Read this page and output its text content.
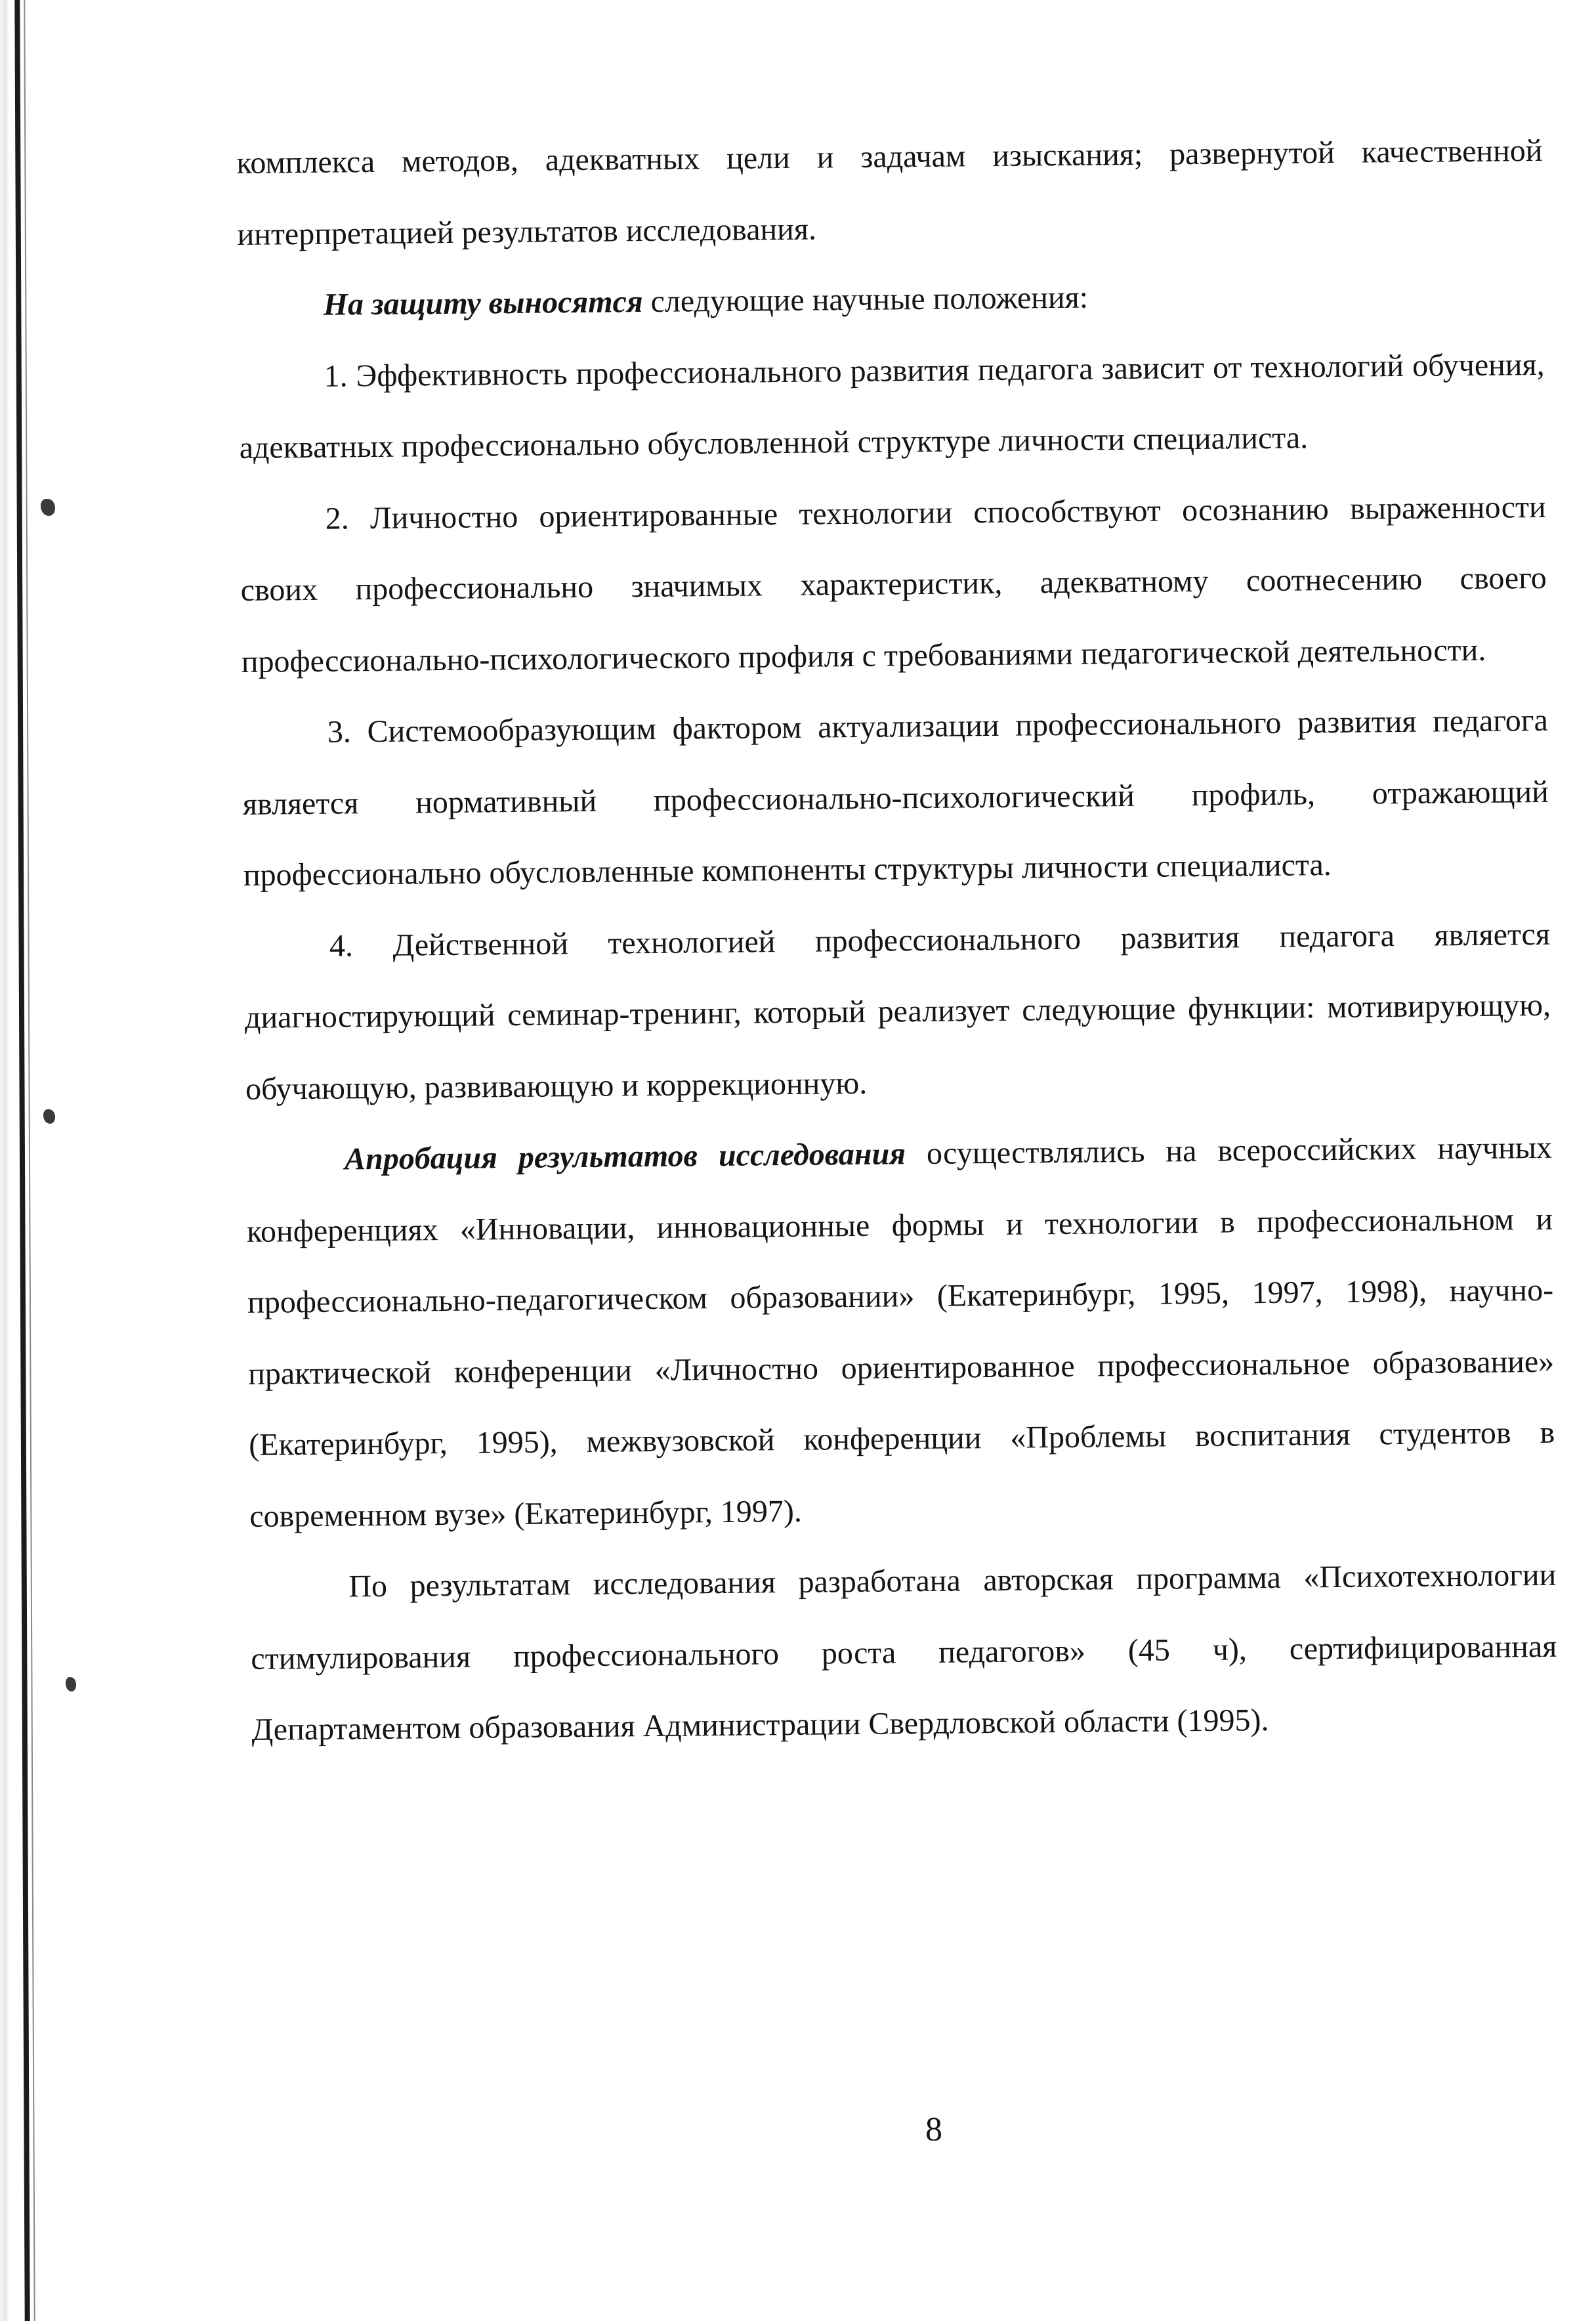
комплекса методов, адекватных цели и задачам изыскания; развернутой качественной интерпретацией результатов исследования.

На защиту выносятся следующие научные положения:

1. Эффективность профессионального развития педагога зависит от технологий обучения, адекватных профессионально обусловленной структуре личности специалиста.

2. Личностно ориентированные технологии способствуют осознанию выраженности своих профессионально значимых характеристик, адекватному соотнесению своего профессионально-психологического профиля с требованиями педагогической деятельности.

3. Системообразующим фактором актуализации профессионального развития педагога является нормативный профессионально-психологический профиль, отражающий профессионально обусловленные компоненты структуры личности специалиста.

4. Действенной технологией профессионального развития педагога является диагностирующий семинар-тренинг, который реализует следующие функции: мотивирующую, обучающую, развивающую и коррекционную.

Апробация результатов исследования осуществлялись на всероссийских научных конференциях «Инновации, инновационные формы и технологии в профессиональном и профессионально-педагогическом образовании» (Екатеринбург, 1995, 1997, 1998), научно-практической конференции «Личностно ориентированное профессиональное образование» (Екатеринбург, 1995), межвузовской конференции «Проблемы воспитания студентов в современном вузе» (Екатеринбург, 1997).

По результатам исследования разработана авторская программа «Психотехнологии стимулирования профессионального роста педагогов» (45 ч), сертифицированная Департаментом образования Администрации Свердловской области (1995).

8
